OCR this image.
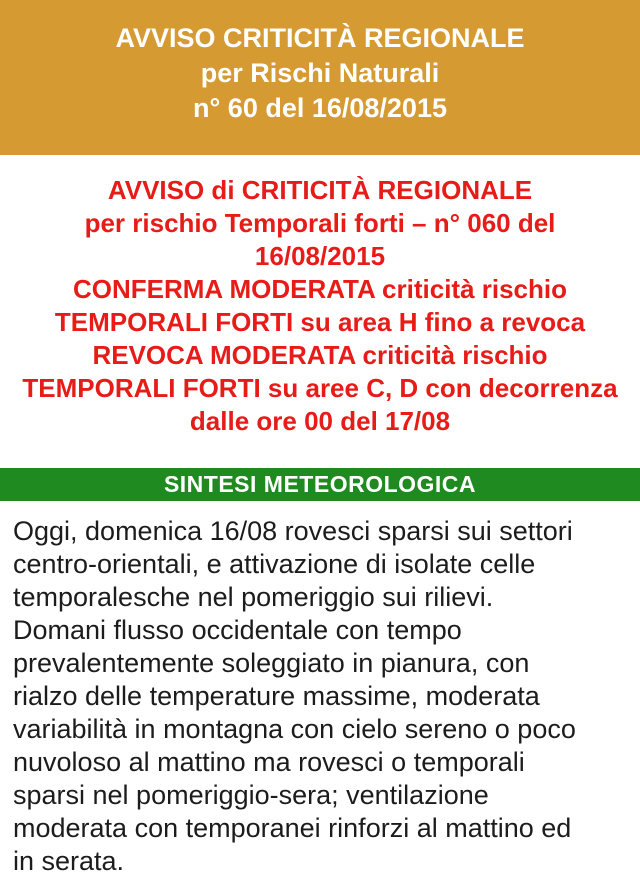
AVVISO CRITICITÀ REGIONALE
per Rischi Naturali
n° 60 del 16/08/2015
AVVISO di CRITICITÀ REGIONALE
per rischio Temporali forti – n° 060 del
16/08/2015
CONFERMA MODERATA criticità rischio
TEMPORALI FORTI su area H fino a revoca
REVOCA MODERATA criticità rischio
TEMPORALI FORTI su aree C, D con decorrenza
dalle ore 00 del 17/08
SINTESI METEOROLOGICA
Oggi, domenica 16/08 rovesci sparsi sui settori
centro-orientali, e attivazione di isolate celle
temporalesche nel pomeriggio sui rilievi.
Domani flusso occidentale con tempo
prevalentemente soleggiato in pianura, con
rialzo delle temperature massime, moderata
variabilità in montagna con cielo sereno o poco
nuvoloso al mattino ma rovesci o temporali
sparsi nel pomeriggio-sera; ventilazione
moderata con temporanei rinforzi al mattino ed
in serata.
